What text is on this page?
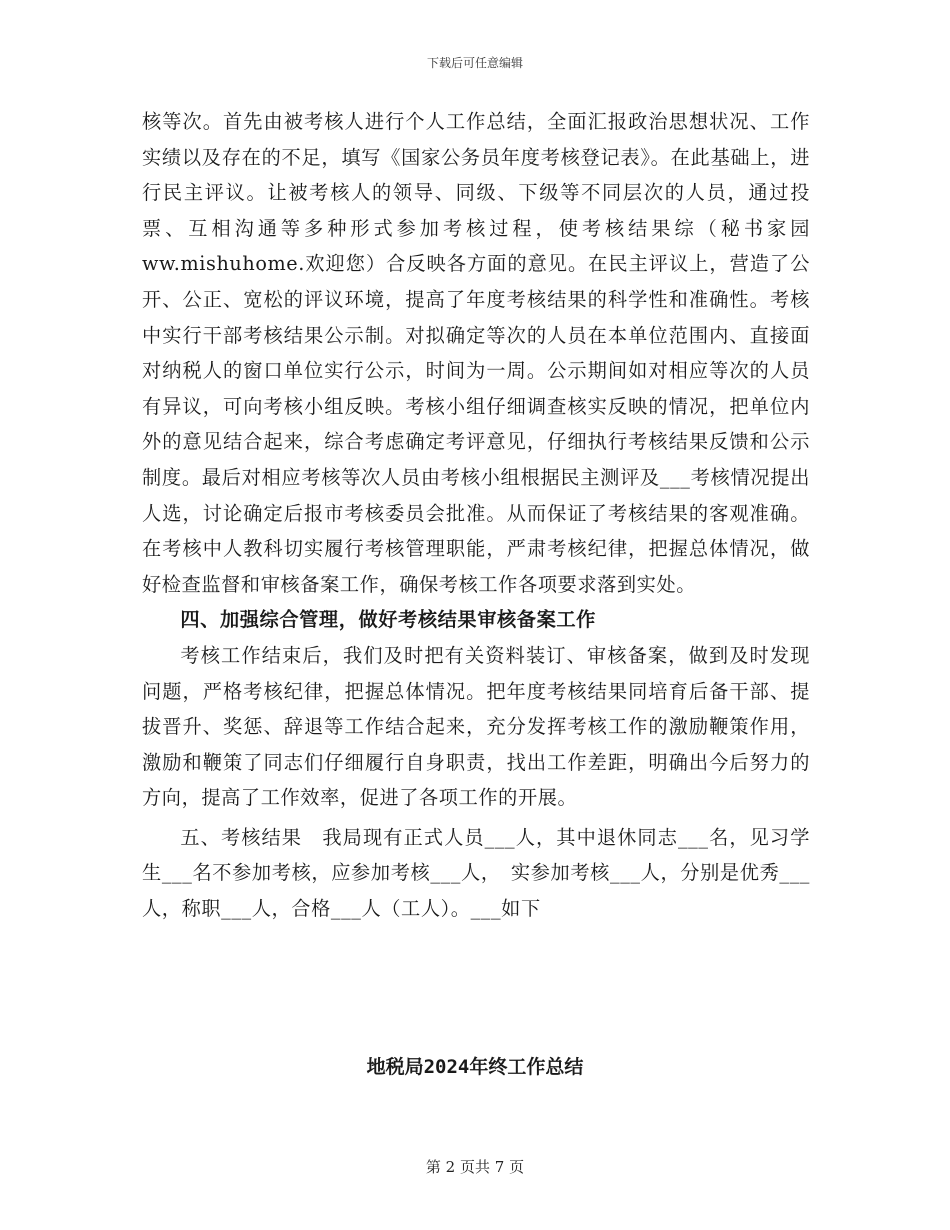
下载后可任意编辑

核等次。首先由被考核人进行个人工作总结，全面汇报政治思想状况、工作实绩以及存在的不足，填写《国家公务员年度考核登记表》。在此基础上，进行民主评议。让被考核人的领导、同级、下级等不同层次的人员，通过投票、互相沟通等多种形式参加考核过程，使考核结果综（秘书家园 ww.mishuhome.欢迎您）合反映各方面的意见。在民主评议上，营造了公开、公正、宽松的评议环境，提高了年度考核结果的科学性和准确性。考核中实行干部考核结果公示制。对拟确定等次的人员在本单位范围内、直接面对纳税人的窗口单位实行公示，时间为一周。公示期间如对相应等次的人员有异议，可向考核小组反映。考核小组仔细调查核实反映的情况，把单位内外的意见结合起来，综合考虑确定考评意见，仔细执行考核结果反馈和公示制度。最后对相应考核等次人员由考核小组根据民主测评及___考核情况提出人选，讨论确定后报市考核委员会批准。从而保证了考核结果的客观准确。在考核中人教科切实履行考核管理职能，严肃考核纪律，把握总体情况，做好检查监督和审核备案工作，确保考核工作各项要求落到实处。

四、加强综合管理，做好考核结果审核备案工作

考核工作结束后，我们及时把有关资料装订、审核备案，做到及时发现问题，严格考核纪律，把握总体情况。把年度考核结果同培育后备干部、提拔晋升、奖惩、辞退等工作结合起来，充分发挥考核工作的激励鞭策作用，激励和鞭策了同志们仔细履行自身职责，找出工作差距，明确出今后努力的方向，提高了工作效率，促进了各项工作的开展。

五、考核结果　我局现有正式人员___人，其中退休同志___名，见习学生___名不参加考核，应参加考核___人，　实参加考核___人，分别是优秀___人，称职___人，合格___人（工人）。___如下

地税局2024年终工作总结
第 2 页共 7 页
